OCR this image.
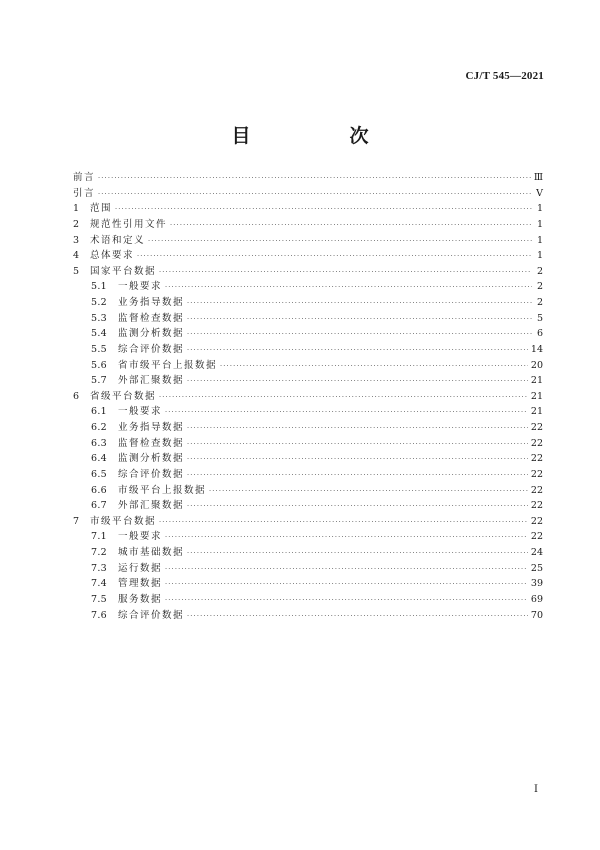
CJ/T 545—2021
目　次
前言 ·····	Ⅲ
引言 ·····	Ⅴ
1	范围 ·····	1
2	规范性引用文件 ·····	1
3	术语和定义 ·····	1
4	总体要求 ·····	1
5	国家平台数据 ·····	2
5.1	一般要求 ·····	2
5.2	业务指导数据 ·····	2
5.3	监督检查数据 ·····	5
5.4	监测分析数据 ·····	6
5.5	综合评价数据 ·····	14
5.6	省市级平台上报数据 ·····	20
5.7	外部汇聚数据 ·····	21
6	省级平台数据 ·····	21
6.1	一般要求 ·····	21
6.2	业务指导数据 ·····	22
6.3	监督检查数据 ·····	22
6.4	监测分析数据 ·····	22
6.5	综合评价数据 ·····	22
6.6	市级平台上报数据 ·····	22
6.7	外部汇聚数据 ·····	22
7	市级平台数据 ·····	22
7.1	一般要求 ·····	22
7.2	城市基础数据 ·····	24
7.3	运行数据 ·····	25
7.4	管理数据 ·····	39
7.5	服务数据 ·····	69
7.6	综合评价数据 ·····	70
Ⅰ
